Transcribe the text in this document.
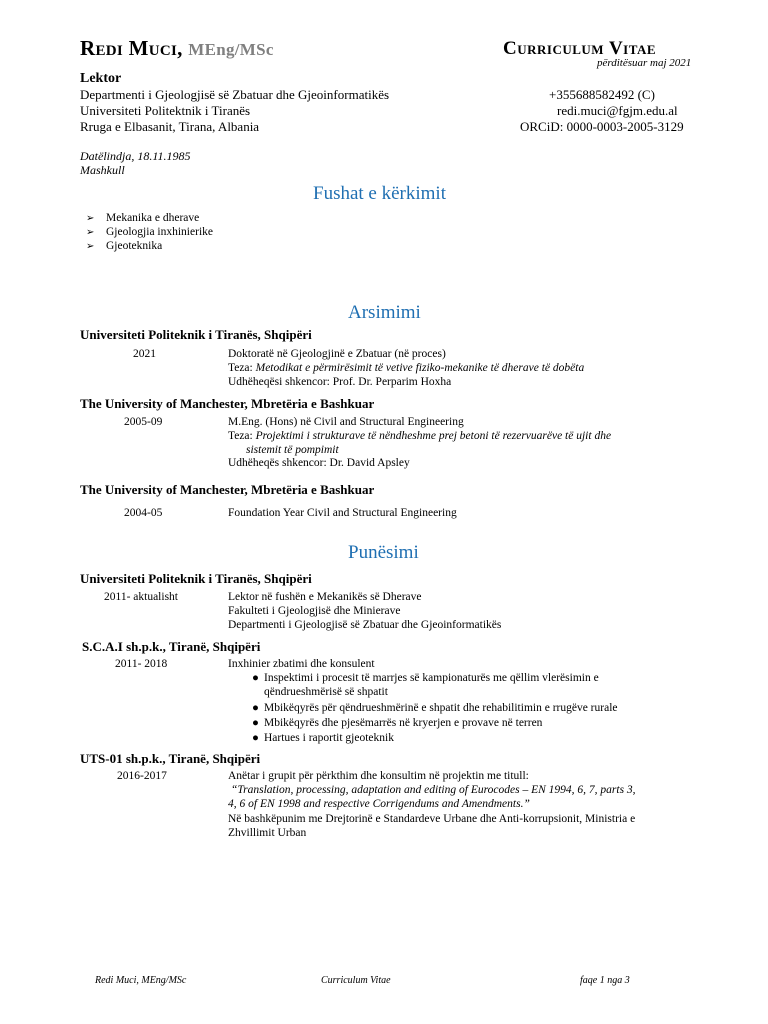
Redi Muci, MEng/MSc	Curriculum Vitae
përditësuar maj 2021
Lektor
Departmenti i Gjeologjisë së Zbatuar dhe Gjeoinformatikës
Universiteti Politektnik i Tiranës
Rruga e Elbasanit, Tirana, Albania
+355688582492 (C)
redi.muci@fgjm.edu.al
ORCiD: 0000-0003-2005-3129
Datëlindja, 18.11.1985
Mashkull
Fushat e kërkimit
➢ Mekanika e dherave
➢ Gjeologjia inxhinierike
➢ Gjeoteknika
Arsimimi
Universiteti Politeknik i Tiranës, Shqipëri
2021	Doktoratë në Gjeologjinë e Zbatuar (në proces)
Teza: Metodikat e përmirësimit të vetive fiziko-mekanike të dherave të dobëta
Udhëheqësi shkencor: Prof. Dr. Perparim Hoxha
The University of Manchester, Mbretëria e Bashkuar
2005-09	M.Eng. (Hons) në Civil and Structural Engineering
Teza: Projektimi i strukturave të nëndheshme prej betoni të rezervuarëve të ujit dhe
sistemit të pompimit
Udhëheqës shkencor: Dr. David Apsley
The University of Manchester, Mbretëria e Bashkuar
2004-05	Foundation Year Civil and Structural Engineering
Punësimi
Universiteti Politeknik i Tiranës, Shqipëri
2011- aktualisht	Lektor në fushën e Mekanikës së Dherave
Fakulteti i Gjeologjisë dhe Minierave
Departmenti i Gjeologjisë së Zbatuar dhe Gjeoinformatikës
S.C.A.I sh.p.k., Tiranë, Shqipëri
2011- 2018	Inxhinier zbatimi dhe konsulent
● Inspektimi i procesit të marrjes së kampionaturës me qëllim vlerësimin e
qëndrueshmërisë së shpatit
● Mbikëqyrës për qëndrueshmërinë e shpatit dhe rehabilitimin e rrugëve rurale
● Mbikëqyrës dhe pjesëmarrës në kryerjen e provave në terren
● Hartues i raportit gjeoteknik
UTS-01 sh.p.k., Tiranë, Shqipëri
2016-2017	Anëtar i grupit për përkthim dhe konsultim në projektin me titull:
“Translation, processing, adaptation and editing of Eurocodes – EN 1994, 6, 7, parts 3,
4, 6 of EN 1998 and respective Corrigendums and Amendments.”
Në bashkëpunim me Drejtorinë e Standardeve Urbane dhe Anti-korrupsionit, Ministria e
Zhvillimit Urban
Redi Muci, MEng/MSc	Curriculum Vitae	faqe 1 nga 3
